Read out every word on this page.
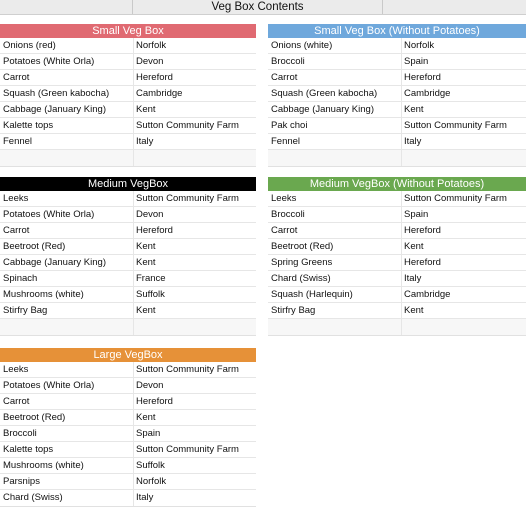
Veg Box Contents
Small Veg Box
Onions (red)	Norfolk
Potatoes (White Orla)	Devon
Carrot	Hereford
Squash (Green kabocha)	Cambridge
Cabbage (January King)	Kent
Kalette tops	Sutton Community Farm
Fennel	Italy
Small Veg Box (Without Potatoes)
Onions (white)	Norfolk
Broccoli	Spain
Carrot	Hereford
Squash (Green kabocha)	Cambridge
Cabbage (January King)	Kent
Pak choi	Sutton Community Farm
Fennel	Italy
Medium VegBox
Leeks	Sutton Community Farm
Potatoes (White Orla)	Devon
Carrot	Hereford
Beetroot (Red)	Kent
Cabbage (January King)	Kent
Spinach	France
Mushrooms (white)	Suffolk
Stirfry Bag	Kent
Medium VegBox (Without Potatoes)
Leeks	Sutton Community Farm
Broccoli	Spain
Carrot	Hereford
Beetroot (Red)	Kent
Spring Greens	Hereford
Chard (Swiss)	Italy
Squash (Harlequin)	Cambridge
Stirfry Bag	Kent
Large VegBox
Leeks	Sutton Community Farm
Potatoes (White Orla)	Devon
Carrot	Hereford
Beetroot (Red)	Kent
Broccoli	Spain
Kalette tops	Sutton Community Farm
Mushrooms (white)	Suffolk
Parsnips	Norfolk
Chard (Swiss)	Italy
